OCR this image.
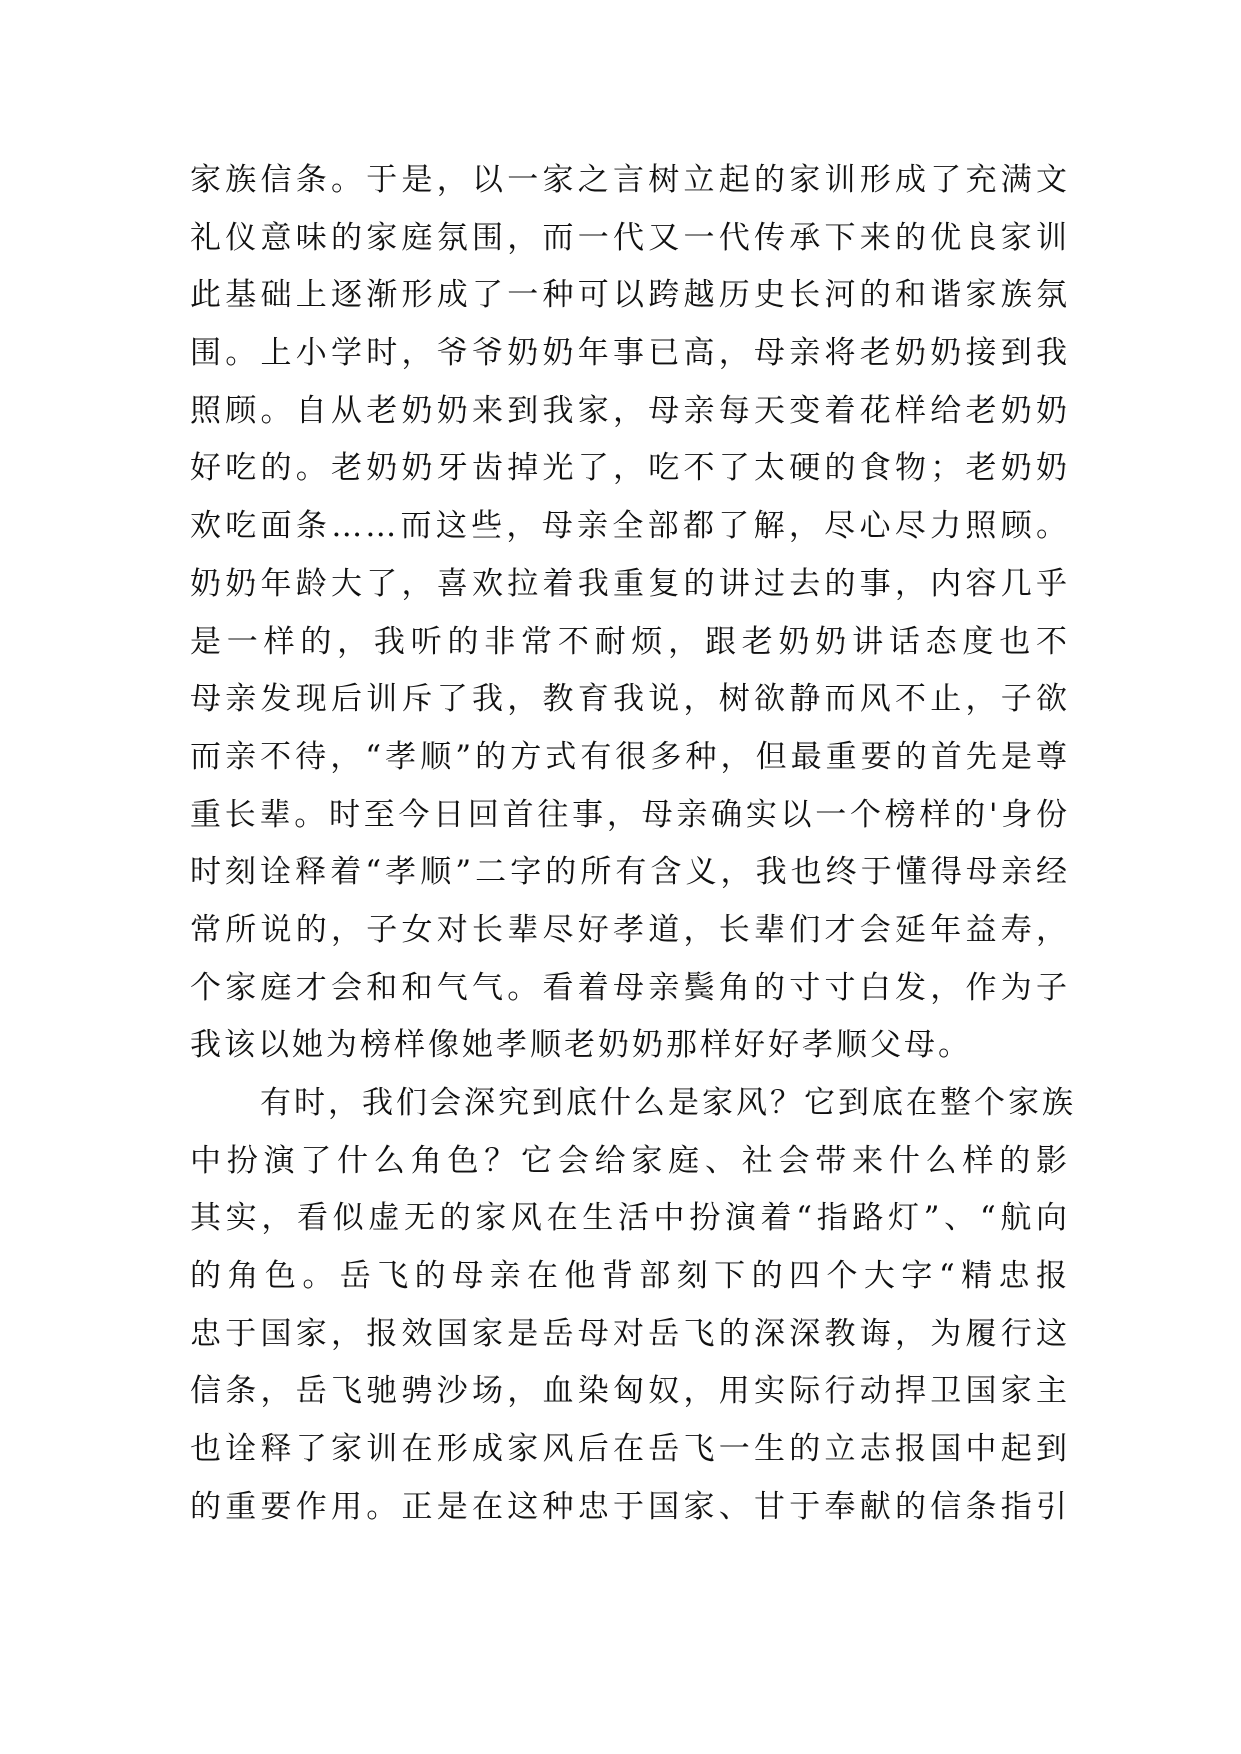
家族信条。于是，以一家之言树立起的家训形成了充满文
礼仪意味的家庭氛围，而一代又一代传承下来的优良家训
此基础上逐渐形成了一种可以跨越历史长河的和谐家族氛
围。上小学时，爷爷奶奶年事已高，母亲将老奶奶接到我
照顾。自从老奶奶来到我家，母亲每天变着花样给老奶奶
好吃的。老奶奶牙齿掉光了，吃不了太硬的食物；老奶奶
欢吃面条……而这些，母亲全部都了解，尽心尽力照顾。
奶奶年龄大了，喜欢拉着我重复的讲过去的事，内容几乎
是一样的，我听的非常不耐烦，跟老奶奶讲话态度也不
母亲发现后训斥了我，教育我说，树欲静而风不止，子欲
而亲不待，“孝顺”的方式有很多种，但最重要的首先是尊
重长辈。时至今日回首往事，母亲确实以一个榜样的'身份
时刻诠释着“孝顺”二字的所有含义，我也终于懂得母亲经
常所说的，子女对长辈尽好孝道，长辈们才会延年益寿，
个家庭才会和和气气。看着母亲鬓角的寸寸白发，作为子
我该以她为榜样像她孝顺老奶奶那样好好孝顺父母。
有时，我们会深究到底什么是家风？它到底在整个家族
中扮演了什么角色？它会给家庭、社会带来什么样的影
其实，看似虚无的家风在生活中扮演着“指路灯”、“航向
的角色。岳飞的母亲在他背部刻下的四个大字“精忠报
忠于国家，报效国家是岳母对岳飞的深深教诲，为履行这
信条，岳飞驰骋沙场，血染匈奴，用实际行动捍卫国家主
也诠释了家训在形成家风后在岳飞一生的立志报国中起到
的重要作用。正是在这种忠于国家、甘于奉献的信条指引
